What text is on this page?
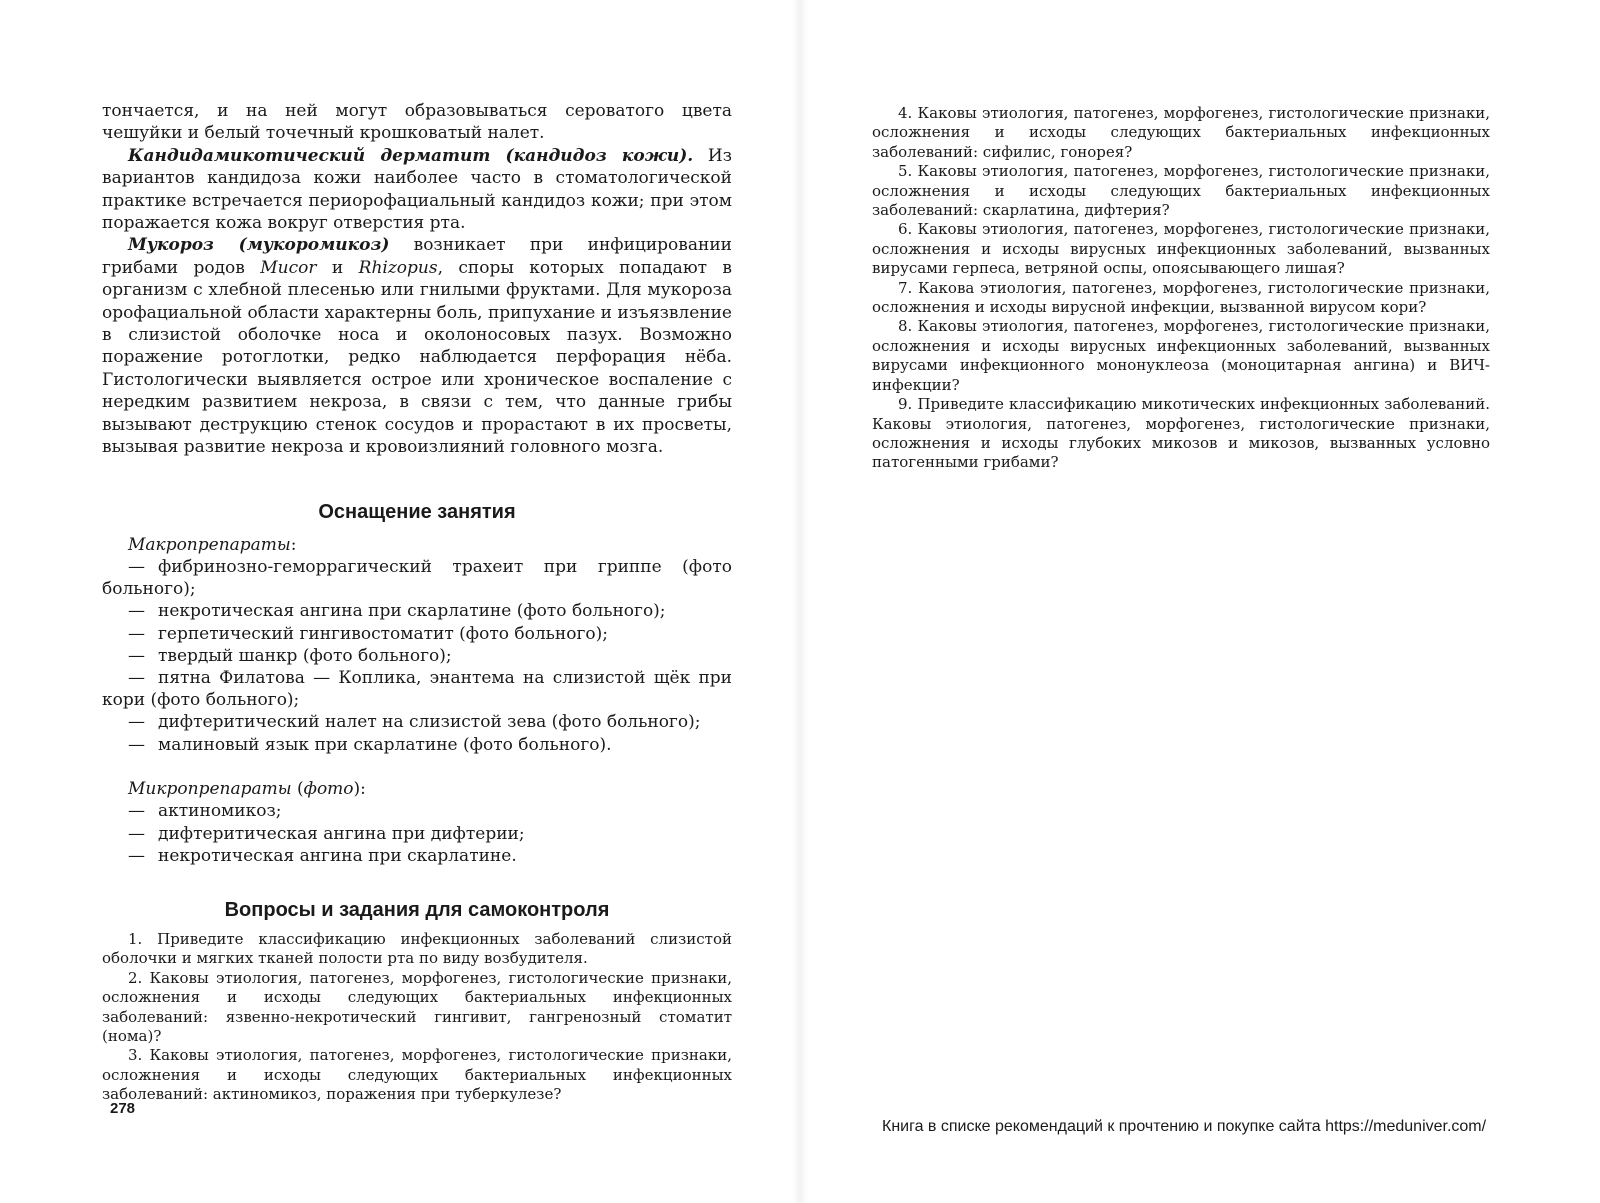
тончается, и на ней могут образовываться сероватого цвета чешуйки и белый точечный крошковатый налет.

Кандидамикотический дерматит (кандидоз кожи). Из вариантов кандидоза кожи наиболее часто в стоматологической практике встречается периорофациальный кандидоз кожи; при этом поражается кожа вокруг отверстия рта.

Мукороз (мукоромикоз) возникает при инфицировании грибами родов Mucor и Rhizopus, споры которых попадают в организм с хлебной плесенью или гнилыми фруктами. Для мукороза орофациальной области характерны боль, припухание и изъязвление в слизистой оболочке носа и околоносовых пазух. Возможно поражение ротоглотки, редко наблюдается перфорация нёба. Гистологически выявляется острое или хроническое воспаление с нередким развитием некроза, в связи с тем, что данные грибы вызывают деструкцию стенок сосудов и прорастают в их просветы, вызывая развитие некроза и кровоизлияний головного мозга.

Оснащение занятия

Макропрепараты:

— фибринозно-геморрагический трахеит при гриппе (фото больного);

— некротическая ангина при скарлатине (фото больного);

— герпетический гингивостоматит (фото больного);

— твердый шанкр (фото больного);

— пятна Филатова — Коплика, энантема на слизистой щёк при кори (фото больного);

— дифтеритический налет на слизистой зева (фото больного);

— малиновый язык при скарлатине (фото больного).

Микропрепараты (фото):

— актиномикоз;

— дифтеритическая ангина при дифтерии;

— некротическая ангина при скарлатине.

Вопросы и задания для самоконтроля

1. Приведите классификацию инфекционных заболеваний слизистой оболочки и мягких тканей полости рта по виду возбудителя.

2. Каковы этиология, патогенез, морфогенез, гистологические признаки, осложнения и исходы следующих бактериальных инфекционных заболеваний: язвенно-некротический гингивит, гангренозный стоматит (нома)?

3. Каковы этиология, патогенез, морфогенез, гистологические признаки, осложнения и исходы следующих бактериальных инфекционных заболеваний: актиномикоз, поражения при туберкулезе?

278

4. Каковы этиология, патогенез, морфогенез, гистологические признаки, осложнения и исходы следующих бактериальных инфекционных заболеваний: сифилис, гонорея?

5. Каковы этиология, патогенез, морфогенез, гистологические признаки, осложнения и исходы следующих бактериальных инфекционных заболеваний: скарлатина, дифтерия?

6. Каковы этиология, патогенез, морфогенез, гистологические признаки, осложнения и исходы вирусных инфекционных заболеваний, вызванных вирусами герпеса, ветряной оспы, опоясывающего лишая?

7. Какова этиология, патогенез, морфогенез, гистологические признаки, осложнения и исходы вирусной инфекции, вызванной вирусом кори?

8. Каковы этиология, патогенез, морфогенез, гистологические признаки, осложнения и исходы вирусных инфекционных заболеваний, вызванных вирусами инфекционного мононуклеоза (моноцитарная ангина) и ВИЧ-инфекции?

9. Приведите классификацию микотических инфекционных заболеваний. Каковы этиология, патогенез, морфогенез, гистологические признаки, осложнения и исходы глубоких микозов и микозов, вызванных условно патогенными грибами?

Книга в списке рекомендаций к прочтению и покупке сайта https://meduniver.com/
